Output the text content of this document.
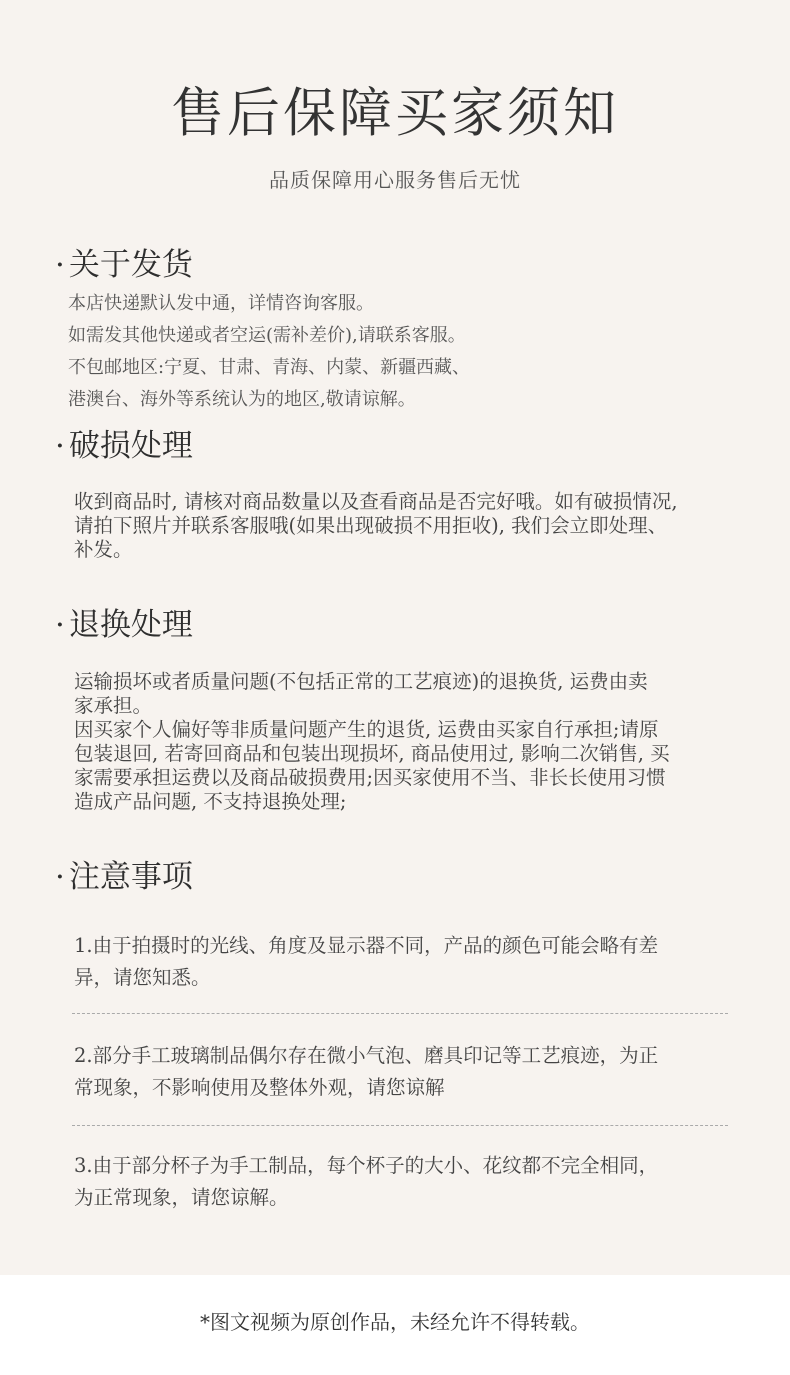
售后保障买家须知
品质保障用心服务售后无忧
· 关于发货
本店快递默认发中通，详情咨询客服。
如需发其他快递或者空运(需补差价),请联系客服。
不包邮地区:宁夏、甘肃、青海、内蒙、新疆西藏、
港澳台、海外等系统认为的地区,敬请谅解。
· 破损处理
收到商品时, 请核对商品数量以及查看商品是否完好哦。如有破损情况,
请拍下照片并联系客服哦(如果出现破损不用拒收), 我们会立即处理、
补发。
· 退换处理
运输损坏或者质量问题(不包括正常的工艺痕迹)的退换货, 运费由卖
家承担。
因买家个人偏好等非质量问题产生的退货, 运费由买家自行承担;请原
包装退回, 若寄回商品和包装出现损坏, 商品使用过, 影响二次销售, 买
家需要承担运费以及商品破损费用;因买家使用不当、非长长使用习惯
造成产品问题, 不支持退换处理;
· 注意事项
1.由于拍摄时的光线、角度及显示器不同，产品的颜色可能会略有差
异，请您知悉。
2.部分手工玻璃制品偶尔存在微小气泡、磨具印记等工艺痕迹，为正
常现象，不影响使用及整体外观，请您谅解
3.由于部分杯子为手工制品，每个杯子的大小、花纹都不完全相同，
为正常现象，请您谅解。
*图文视频为原创作品，未经允许不得转载。
